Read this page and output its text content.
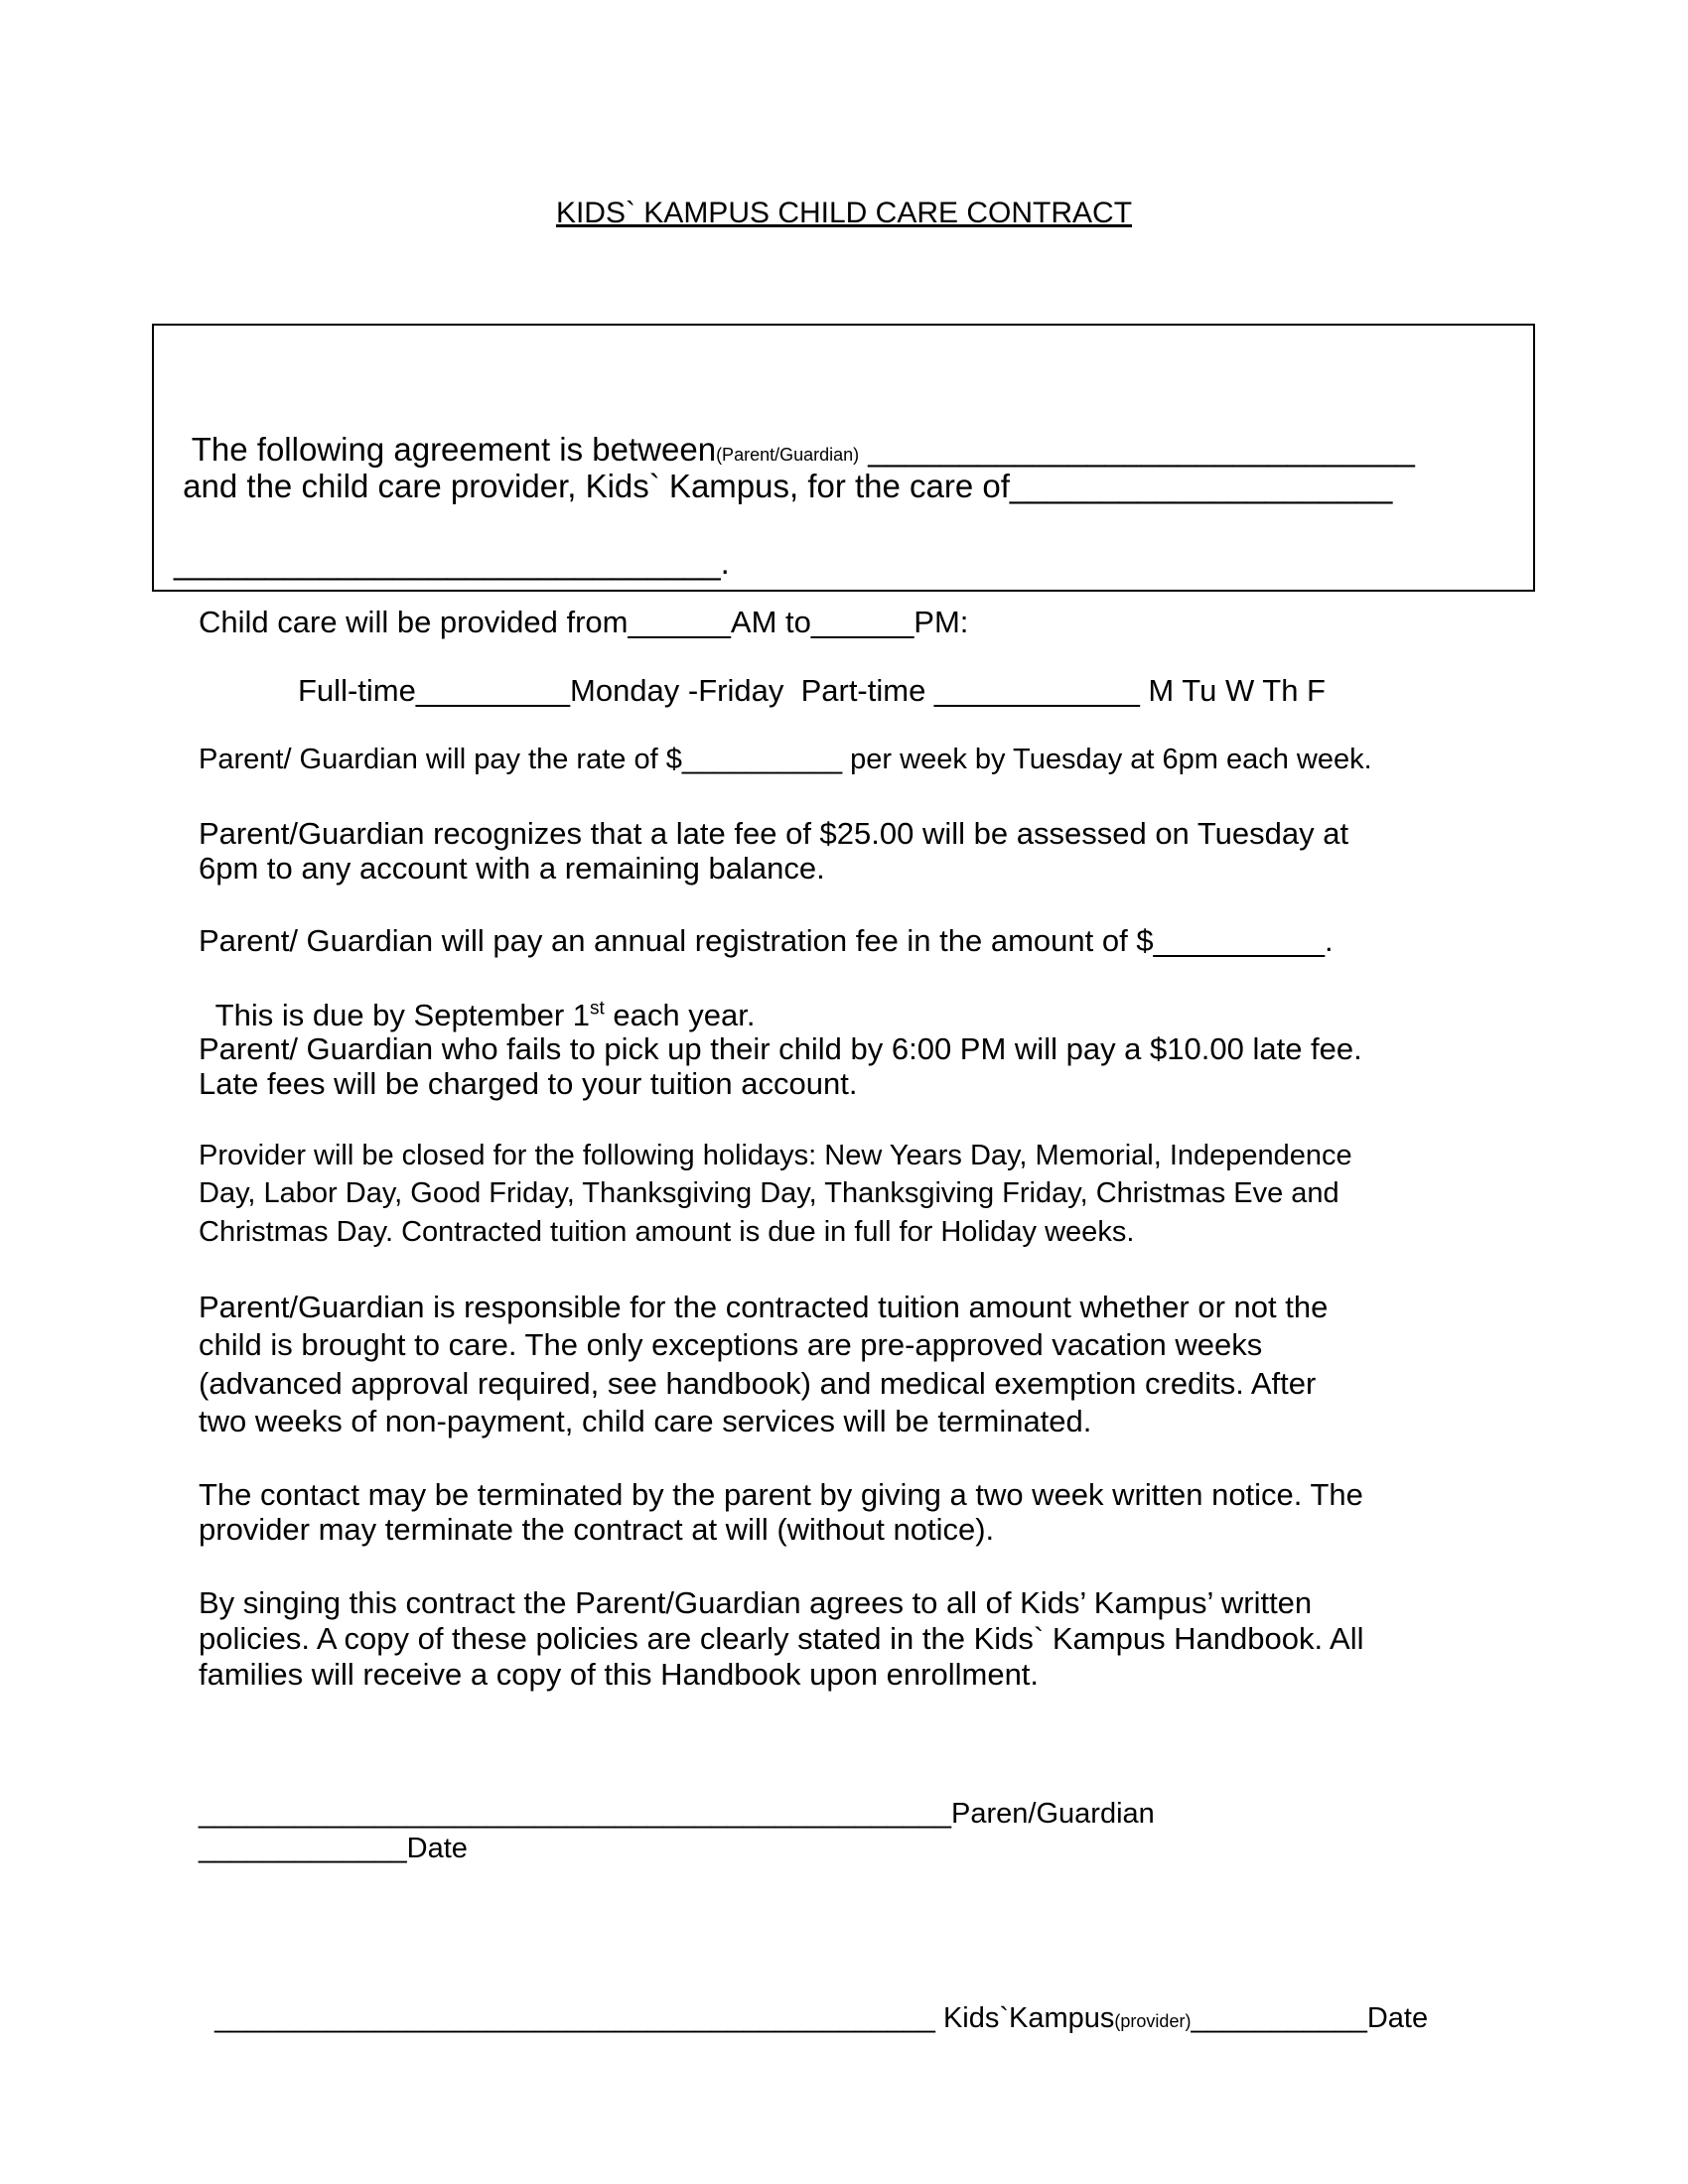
KIDS` KAMPUS CHILD CARE CONTRACT

The following agreement is between(Parent/Guardian) ______________________________

and the child care provider, Kids` Kampus, for the care of_____________________
______________________________.
Child care will be provided from______AM to______PM:
Full-time_________Monday -Friday  Part-time ____________ M Tu W Th F
Parent/ Guardian will pay the rate of $__________ per week by Tuesday at 6pm each week.
Parent/Guardian recognizes that a late fee of $25.00 will be assessed on Tuesday at
6pm to any account with a remaining balance.
Parent/ Guardian will pay an annual registration fee in the amount of $__________.

This is due by September 1st each year.

Parent/ Guardian who fails to pick up their child by 6:00 PM will pay a $10.00 late fee.
Late fees will be charged to your tuition account.
Provider will be closed for the following holidays: New Years Day, Memorial, Independence
Day, Labor Day, Good Friday, Thanksgiving Day, Thanksgiving Friday, Christmas Eve and
Christmas Day. Contracted tuition amount is due in full for Holiday weeks.
Parent/Guardian is responsible for the contracted tuition amount whether or not the
child is brought to care. The only exceptions are pre-approved vacation weeks
(advanced approval required, see handbook) and medical exemption credits. After
two weeks of non-payment, child care services will be terminated.
The contact may be terminated by the parent by giving a two week written notice. The
provider may terminate the contract at will (without notice).
By singing this contract the Parent/Guardian agrees to all of Kids’ Kampus’ written
policies. A copy of these policies are clearly stated in the Kids` Kampus Handbook. All
families will receive a copy of this Handbook upon enrollment.
_______________________________________________Paren/Guardian
_____________Date

_____________________________________________ Kids`Kampus(provider)___________Date
